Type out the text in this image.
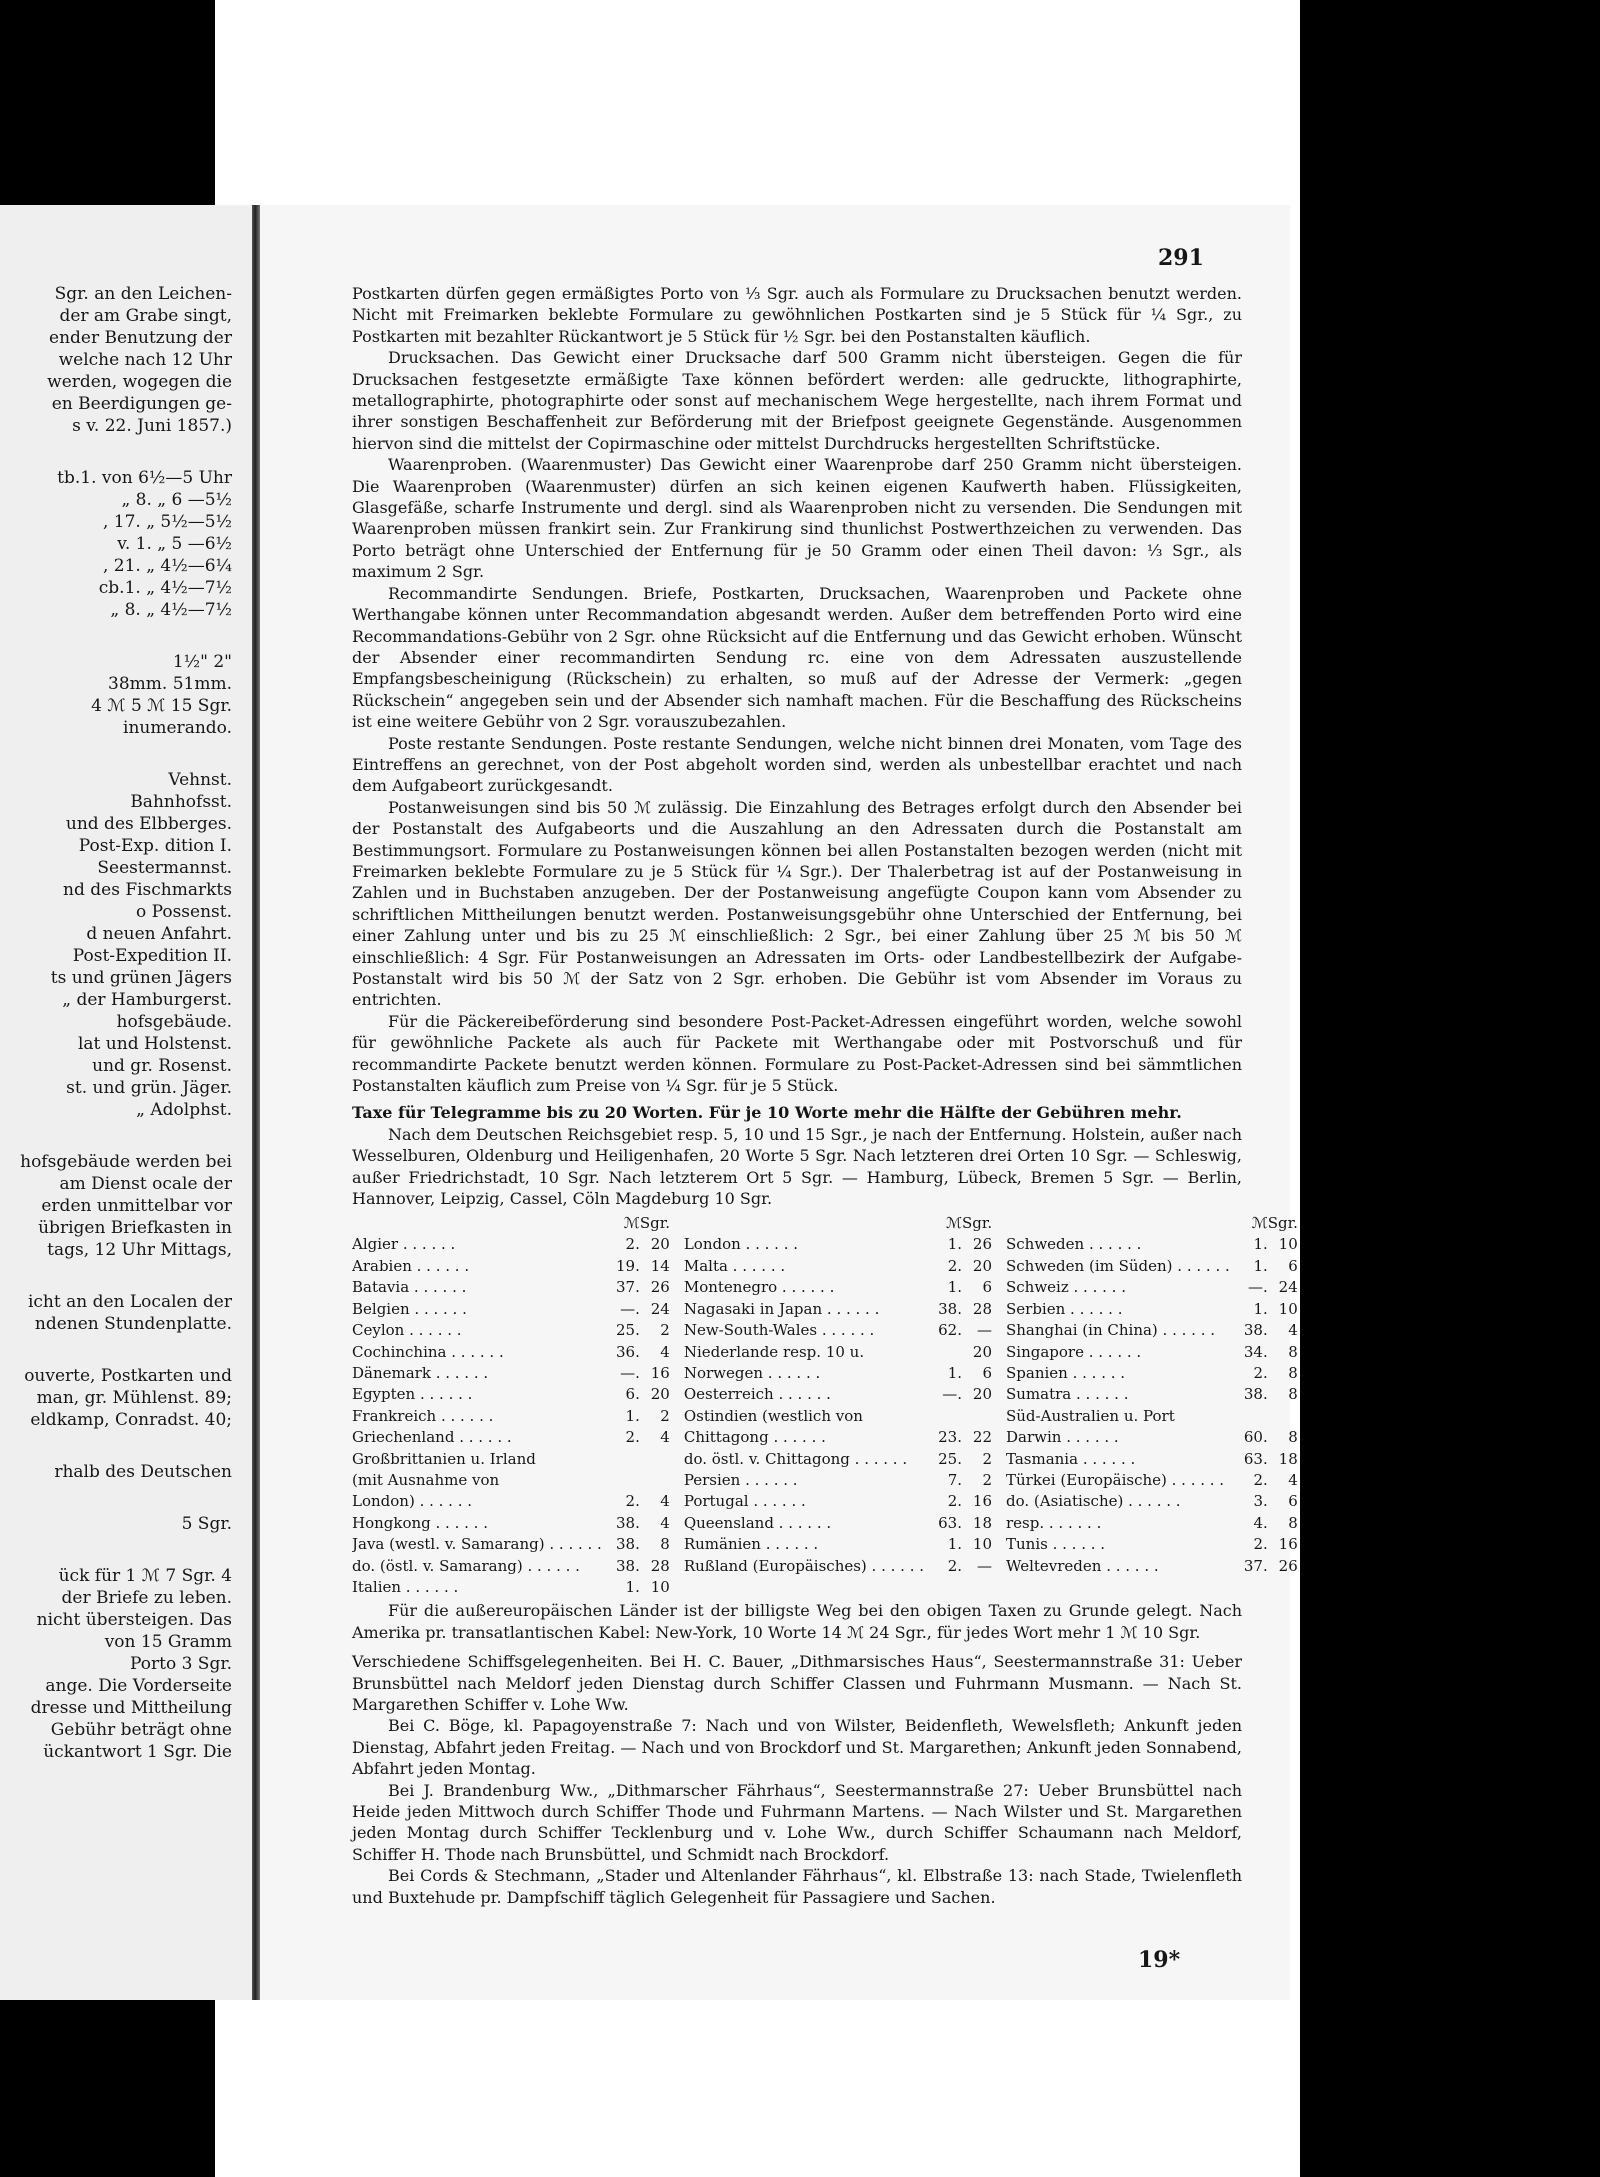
Sgr. an den Leichen-
der am Grabe singt,
ender Benutzung der
welche nach 12 Uhr
werden, wogegen die
en Beerdigungen ge-
s v. 22. Juni 1857.)
tb.1. von 6½—5 Uhr
„ 8. „ 6 —5½
, 17. „ 5½—5½
v. 1. „ 5 —6½
, 21. „ 4½—6¼
cb.1. „ 4½—7½
„ 8. „ 4½—7½
1½" 2"
38mm. 51mm.
4 ℳ 5 ℳ 15 Sgr.
inumerando.
Vehnst.
Bahnhofsst.
und des Elbberges.
Post-Exp. dition I.
Seestermannst.
nd des Fischmarkts
o Possenst.
d neuen Anfahrt.
Post-Expedition II.
ts und grünen Jägers
„ der Hamburgerst.
hofsgebäude.
lat und Holstenst.
und gr. Rosenst.
st. und grün. Jäger.
„ Adolphst.
hofsgebäude werden bei
am Dienst ocale der
erden unmittelbar vor
übrigen Briefkasten in
tags, 12 Uhr Mittags,
icht an den Localen der
ndenen Stundenplatte.
ouverte, Postkarten und
man, gr. Mühlenst. 89;
eldkamp, Conradst. 40;
rhalb des Deutschen
5 Sgr.
ück für 1 ℳ 7 Sgr. 4
der Briefe zu leben.
nicht übersteigen. Das
von 15 Gramm
Porto 3 Sgr.
ange. Die Vorderseite
dresse und Mittheilung
Gebühr beträgt ohne
ückantwort 1 Sgr. Die
291

Postkarten dürfen gegen ermäßigtes Porto von ⅓ Sgr. auch als Formulare zu Drucksachen benutzt werden. Nicht mit Freimarken beklebte Formulare zu gewöhnlichen Postkarten sind je 5 Stück für ¼ Sgr., zu Postkarten mit bezahlter Rückantwort je 5 Stück für ½ Sgr. bei den Postanstalten käuflich.

Drucksachen. Das Gewicht einer Drucksache darf 500 Gramm nicht übersteigen. Gegen die für Drucksachen festgesetzte ermäßigte Taxe können befördert werden: alle gedruckte, lithographirte, metallographirte, photographirte oder sonst auf mechanischem Wege hergestellte, nach ihrem Format und ihrer sonstigen Beschaffenheit zur Beförderung mit der Briefpost geeignete Gegenstände. Ausgenommen hiervon sind die mittelst der Copirmaschine oder mittelst Durchdrucks hergestellten Schriftstücke.

Waarenproben. (Waarenmuster) Das Gewicht einer Waarenprobe darf 250 Gramm nicht übersteigen. Die Waarenproben (Waarenmuster) dürfen an sich keinen eigenen Kaufwerth haben. Flüssigkeiten, Glasgefäße, scharfe Instrumente und dergl. sind als Waarenproben nicht zu versenden. Die Sendungen mit Waarenproben müssen frankirt sein. Zur Frankirung sind thunlichst Postwerthzeichen zu verwenden. Das Porto beträgt ohne Unterschied der Entfernung für je 50 Gramm oder einen Theil davon: ⅓ Sgr., als maximum 2 Sgr.

Recommandirte Sendungen. Briefe, Postkarten, Drucksachen, Waarenproben und Packete ohne Werthangabe können unter Recommandation abgesandt werden. Außer dem betreffenden Porto wird eine Recommandations-Gebühr von 2 Sgr. ohne Rücksicht auf die Entfernung und das Gewicht erhoben. Wünscht der Absender einer recommandirten Sendung rc. eine von dem Adressaten auszustellende Empfangsbescheinigung (Rückschein) zu erhalten, so muß auf der Adresse der Vermerk: „gegen Rückschein“ angegeben sein und der Absender sich namhaft machen. Für die Beschaffung des Rückscheins ist eine weitere Gebühr von 2 Sgr. vorauszubezahlen.

Poste restante Sendungen. Poste restante Sendungen, welche nicht binnen drei Monaten, vom Tage des Eintreffens an gerechnet, von der Post abgeholt worden sind, werden als unbestellbar erachtet und nach dem Aufgabeort zurückgesandt.

Postanweisungen sind bis 50 ℳ zulässig. Die Einzahlung des Betrages erfolgt durch den Absender bei der Postanstalt des Aufgabeorts und die Auszahlung an den Adressaten durch die Postanstalt am Bestimmungsort. Formulare zu Postanweisungen können bei allen Postanstalten bezogen werden (nicht mit Freimarken beklebte Formulare zu je 5 Stück für ¼ Sgr.). Der Thalerbetrag ist auf der Postanweisung in Zahlen und in Buchstaben anzugeben. Der der Postanweisung angefügte Coupon kann vom Absender zu schriftlichen Mittheilungen benutzt werden. Postanweisungsgebühr ohne Unterschied der Entfernung, bei einer Zahlung unter und bis zu 25 ℳ einschließlich: 2 Sgr., bei einer Zahlung über 25 ℳ bis 50 ℳ einschließlich: 4 Sgr. Für Postanweisungen an Adressaten im Orts- oder Landbestellbezirk der Aufgabe-Postanstalt wird bis 50 ℳ der Satz von 2 Sgr. erhoben. Die Gebühr ist vom Absender im Voraus zu entrichten.

Für die Päckereibeförderung sind besondere Post-Packet-Adressen eingeführt worden, welche sowohl für gewöhnliche Packete als auch für Packete mit Werthangabe oder mit Postvorschuß und für recommandirte Packete benutzt werden können. Formulare zu Post-Packet-Adressen sind bei sämmtlichen Postanstalten käuflich zum Preise von ¼ Sgr. für je 5 Stück.

Taxe für Telegramme bis zu 20 Worten. Für je 10 Worte mehr die Hälfte der Gebühren mehr.

Nach dem Deutschen Reichsgebiet resp. 5, 10 und 15 Sgr., je nach der Entfernung. Holstein, außer nach Wesselburen, Oldenburg und Heiligenhafen, 20 Worte 5 Sgr. Nach letzteren drei Orten 10 Sgr. — Schleswig, außer Friedrichstadt, 10 Sgr. Nach letzterem Ort 5 Sgr. — Hamburg, Lübeck, Bremen 5 Sgr. — Berlin, Hannover, Leipzig, Cassel, Cöln Magdeburg 10 Sgr.

ℳ Sgr.
Algier . . . . . .	2. 20
Arabien . . . . . .	19. 14
Batavia . . . . . .	37. 26
Belgien . . . . . .	—. 24
Ceylon . . . . . .	25.	2
Cochinchina . . . . . .	36.	4
Dänemark . . . . . .	—. 16
Egypten . . . . . .	6. 20
Frankreich . . . . . .	1.	2
Griechenland . . . . . .	2.	4
Großbrittanien u. Irland
(mit Ausnahme von
London) . . . . . .	2.	4
Hongkong . . . . . .	38.	4
Java (westl. v. Samarang) . . . . . . 38.	8
do. (östl. v. Samarang) . . . . . .	38. 28
Italien . . . . . .	1. 10
ℳ Sgr.
London . . . . . .	1. 26
Malta . . . . . .	2. 20
Montenegro . . . . . .	1.	6
Nagasaki in Japan . . . . . .	38. 28
New-South-Wales . . . . . .	62.	—
Niederlande resp. 10 u.	20
Norwegen . . . . . .	1.	6
Oesterreich . . . . . .	—. 20
Ostindien (westlich von
Chittagong . . . . . .	23. 22
do. östl. v. Chittagong . . . . . .	25.	2
Persien . . . . . .	7.	2
Portugal . . . . . .	2. 16
Queensland . . . . . .	63. 18
Rumänien . . . . . .	1. 10
Rußland (Europäisches) . . . . . .	2.	—
ℳ Sgr.
Schweden . . . . . .	1. 10
Schweden (im Süden) . . . . . .	1.	6
Schweiz . . . . . .	—. 24
Serbien . . . . . .	1. 10
Shanghai (in China) . . . . . .	38.	4
Singapore . . . . . .	34.	8
Spanien . . . . . .	2.	8
Sumatra . . . . . .	38.	8
Süd-Australien u. Port
Darwin . . . . . .	60.	8
Tasmania . . . . . .	63. 18
Türkei (Europäische) . . . . . .	2.	4
do. (Asiatische) . . . . . .	3.	6
resp. . . . . . .	4.	8
Tunis . . . . . .	2. 16
Weltevreden . . . . . .	37. 26

Für die außereuropäischen Länder ist der billigste Weg bei den obigen Taxen zu Grunde gelegt. Nach Amerika pr. transatlantischen Kabel: New-York, 10 Worte 14 ℳ 24 Sgr., für jedes Wort mehr 1 ℳ 10 Sgr.

Verschiedene Schiffsgelegenheiten. Bei H. C. Bauer, „Dithmarsisches Haus“, Seestermannstraße 31: Ueber Brunsbüttel nach Meldorf jeden Dienstag durch Schiffer Classen und Fuhrmann Musmann. — Nach St. Margarethen Schiffer v. Lohe Ww.

Bei C. Böge, kl. Papagoyenstraße 7: Nach und von Wilster, Beidenfleth, Wewelsfleth; Ankunft jeden Dienstag, Abfahrt jeden Freitag. — Nach und von Brockdorf und St. Margarethen; Ankunft jeden Sonnabend, Abfahrt jeden Montag.

Bei J. Brandenburg Ww., „Dithmarscher Fährhaus“, Seestermannstraße 27: Ueber Brunsbüttel nach Heide jeden Mittwoch durch Schiffer Thode und Fuhrmann Martens. — Nach Wilster und St. Margarethen jeden Montag durch Schiffer Tecklenburg und v. Lohe Ww., durch Schiffer Schaumann nach Meldorf, Schiffer H. Thode nach Brunsbüttel, und Schmidt nach Brockdorf.

Bei Cords & Stechmann, „Stader und Altenlander Fährhaus“, kl. Elbstraße 13: nach Stade, Twielenfleth und Buxtehude pr. Dampfschiff täglich Gelegenheit für Passagiere und Sachen.

19*
